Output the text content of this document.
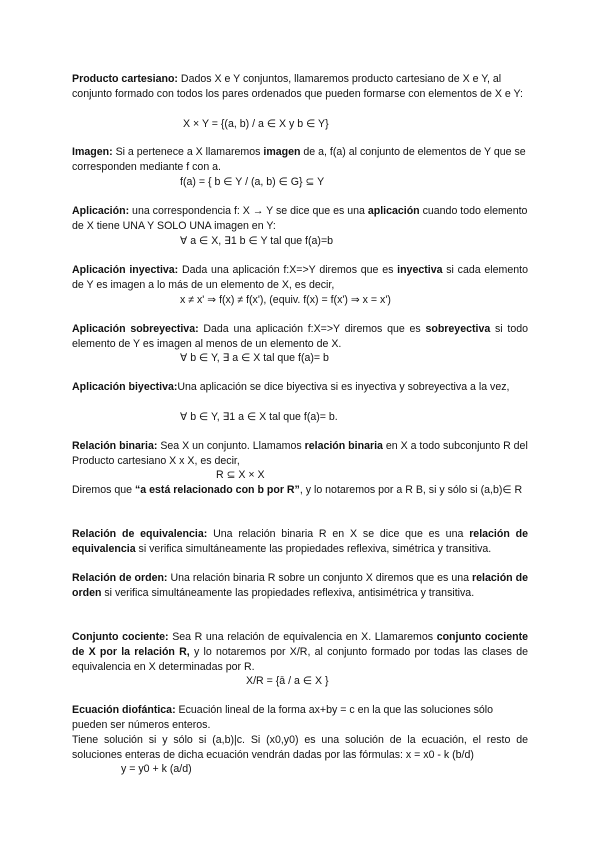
Producto cartesiano: Dados X e Y conjuntos, llamaremos producto cartesiano de X e Y, al conjunto formado con todos los pares ordenados que pueden formarse con elementos de X e Y:

X × Y = {(a, b) / a ∈ X y b ∈ Y}

Imagen: Si a pertenece a X llamaremos imagen de a, f(a) al conjunto de elementos de Y que se corresponden mediante f con a.

f(a) = { b ∈ Y / (a, b) ∈ G} ⊆ Y

Aplicación: una correspondencia f: X → Y se dice que es una aplicación cuando todo elemento de X tiene UNA Y SOLO UNA imagen en Y:

∀ a ∈ X, ∃1 b ∈ Y tal que f(a)=b

Aplicación inyectiva: Dada una aplicación f:X=>Y diremos que es inyectiva si cada elemento de Y es imagen a lo más de un elemento de X, es decir,

x ≠ x' ⇒ f(x) ≠ f(x'), (equiv. f(x) = f(x') ⇒ x = x')

Aplicación sobreyectiva: Dada una aplicación f:X=>Y diremos que es sobreyectiva si todo elemento de Y es imagen al menos de un elemento de X.

∀ b ∈ Y, ∃ a ∈ X tal que f(a)= b

Aplicación biyectiva:Una aplicación se dice biyectiva si es inyectiva y sobreyectiva a la vez,

∀ b ∈ Y, ∃1 a ∈ X tal que f(a)= b.

Relación binaria: Sea X un conjunto. Llamamos relación binaria en X a todo subconjunto R del Producto cartesiano X x X, es decir,

R ⊆ X × X

Diremos que “a está relacionado con b por R”, y lo notaremos por a R B, si y sólo si (a,b)∈ R

Relación de equivalencia: Una relación binaria R en X se dice que es una relación de equivalencia si verifica simultáneamente las propiedades reflexiva, simétrica y transitiva.

Relación de orden: Una relación binaria R sobre un conjunto X diremos que es una relación de orden si verifica simultáneamente las propiedades reflexiva, antisimétrica y transitiva.

Conjunto cociente: Sea R una relación de equivalencia en X. Llamaremos conjunto cociente de X por la relación R, y lo notaremos por X/R, al conjunto formado por todas las clases de equivalencia en X determinadas por R.

X/R = {ā / a ∈ X }

Ecuación diofántica: Ecuación lineal de la forma ax+by = c en la que las soluciones sólo pueden ser números enteros.

Tiene solución si y sólo si (a,b)|c. Si (x0,y0) es una solución de la ecuación, el resto de soluciones enteras de dicha ecuación vendrán dadas por las fórmulas: x = x0 - k (b/d)

y = y0 + k (a/d)
